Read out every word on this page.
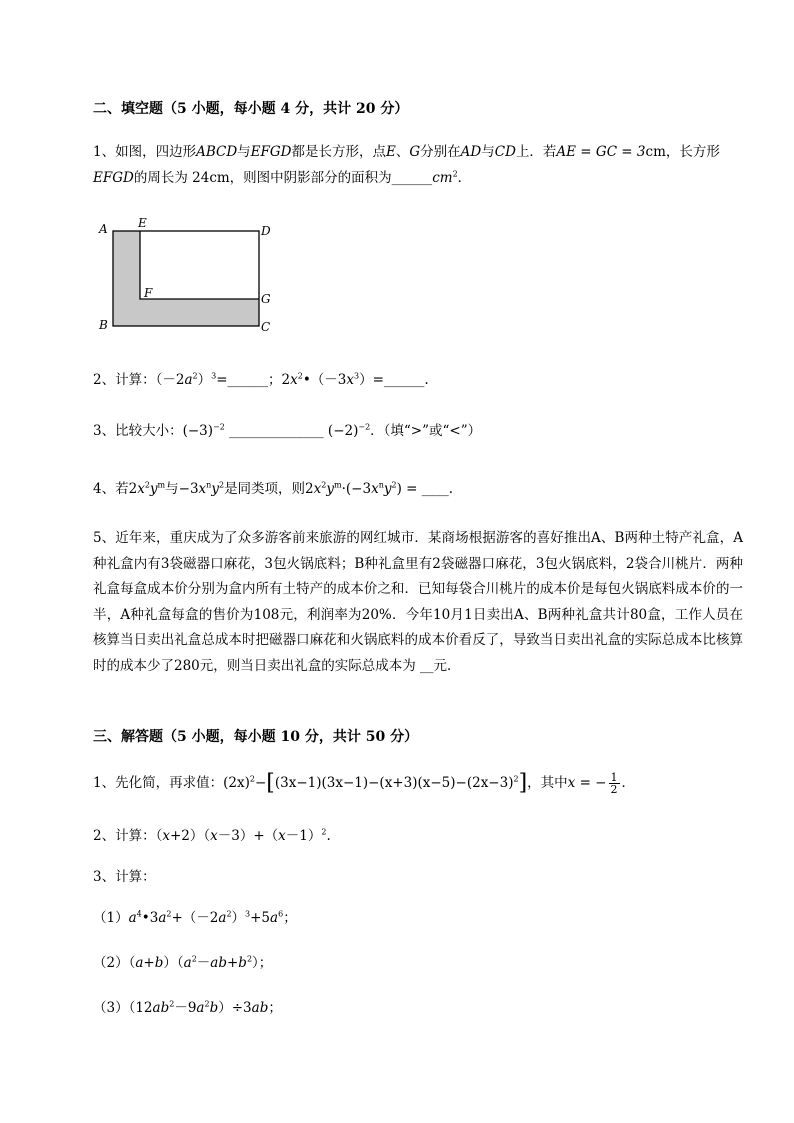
二、填空题（5 小题，每小题 4 分，共计 20 分）
1、如图，四边形ABCD与EFGD都是长方形，点E、G分别在AD与CD上．若AE = GC = 3cm，长方形
EFGD的周长为 24cm，则图中阴影部分的面积为$\_\_\_\_\_\_cm^2$．
A	E
D
F	G
B	C
2、计算：$(-2a^2)^3=\_\_\_\_\_\_$；$2x^2•(-3x^3)=\_\_\_\_\_\_$.
3、比较大小：$(-3)^{-2}$ ______________ $(-2)^{-2}$．（填“>”或“<”）
4、若$2x^2y^m$与$-3x^ny^2$是同类项，则$2x^2y^m\cdot(-3x^ny^2)$ = ____.
5、近年来，重庆成为了众多游客前来旅游的网红城市．某商场根据游客的喜好推出A、B两种土特产礼盒，A种礼盒内有3袋磁器口麻花，3包火锅底料；B种礼盒里有2袋磁器口麻花，3包火锅底料，2袋合川桃片．两种礼盒每盒成本价分别为盒内所有土特产的成本价之和．已知每袋合川桃片的成本价是每包火锅底料成本价的一半，A种礼盒每盒的售价为108元，利润率为20%．今年10月1日卖出A、B两种礼盒共计80盒，工作人员在核算当日卖出礼盒总成本时把磁器口麻花和火锅底料的成本价看反了，导致当日卖出礼盒的实际总成本比核算时的成本少了280元，则当日卖出礼盒的实际总成本为 __元．
三、解答题（5 小题，每小题 10 分，共计 50 分）
1、先化简，再求值：$(2x)^2-[(3x-1)(3x-1)-(x+3)(x-5)-(2x-3)^2]$，其中x = − $\frac{1}{2}$ ．
2、计算：$(x+2)(x-3)+(x-1)^2$.
3、计算：
$(1)a^4•3a^2+(-2a^2)^3+5a^6$；
$(2)(a+b)(a^2-ab+b^2)$；
$(3)(12ab^2-9a^2b)\div 3ab$；
